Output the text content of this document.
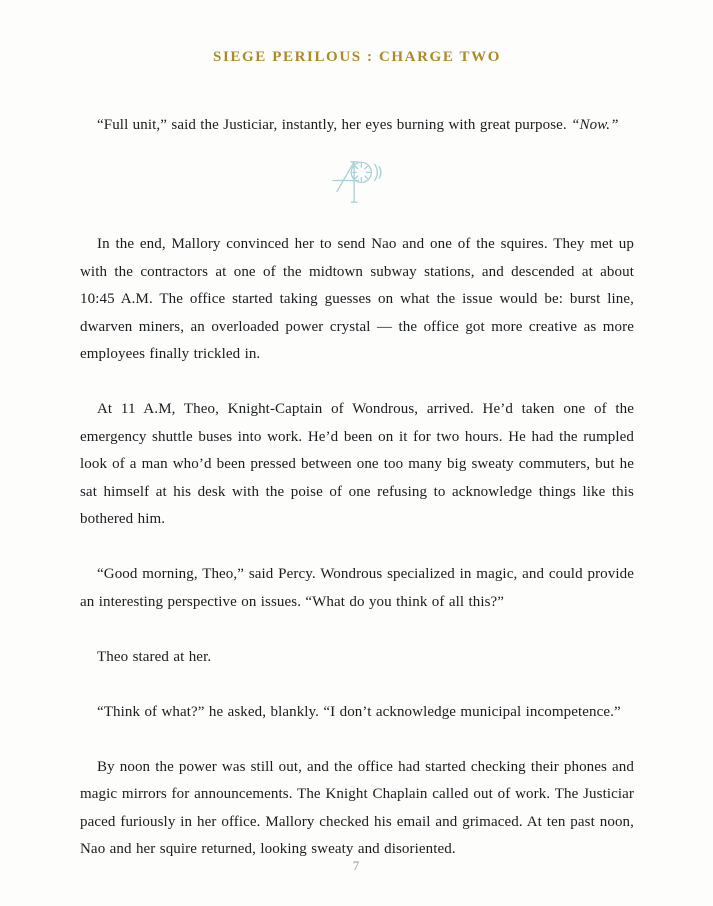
SIEGE PERILOUS : CHARGE TWO

“Full unit,” said the Justiciar, instantly, her eyes burning with great purpose. “Now.”

In the end, Mallory convinced her to send Nao and one of the squires. They met up with the contractors at one of the midtown subway stations, and descended at about 10:45 A.M. The office started taking guesses on what the issue would be: burst line, dwarven miners, an overloaded power crystal — the office got more creative as more employees finally trickled in.

At 11 A.M, Theo, Knight-Captain of Wondrous, arrived. He’d taken one of the emergency shuttle buses into work. He’d been on it for two hours. He had the rumpled look of a man who’d been pressed between one too many big sweaty commuters, but he sat himself at his desk with the poise of one refusing to acknowledge things like this bothered him.

“Good morning, Theo,” said Percy. Wondrous specialized in magic, and could provide an interesting perspective on issues. “What do you think of all this?”

Theo stared at her.

“Think of what?” he asked, blankly. “I don’t acknowledge municipal incompetence.”

By noon the power was still out, and the office had started checking their phones and magic mirrors for announcements. The Knight Chaplain called out of work. The Justiciar paced furiously in her office. Mallory checked his email and grimaced. At ten past noon, Nao and her squire returned, looking sweaty and disoriented.

7
